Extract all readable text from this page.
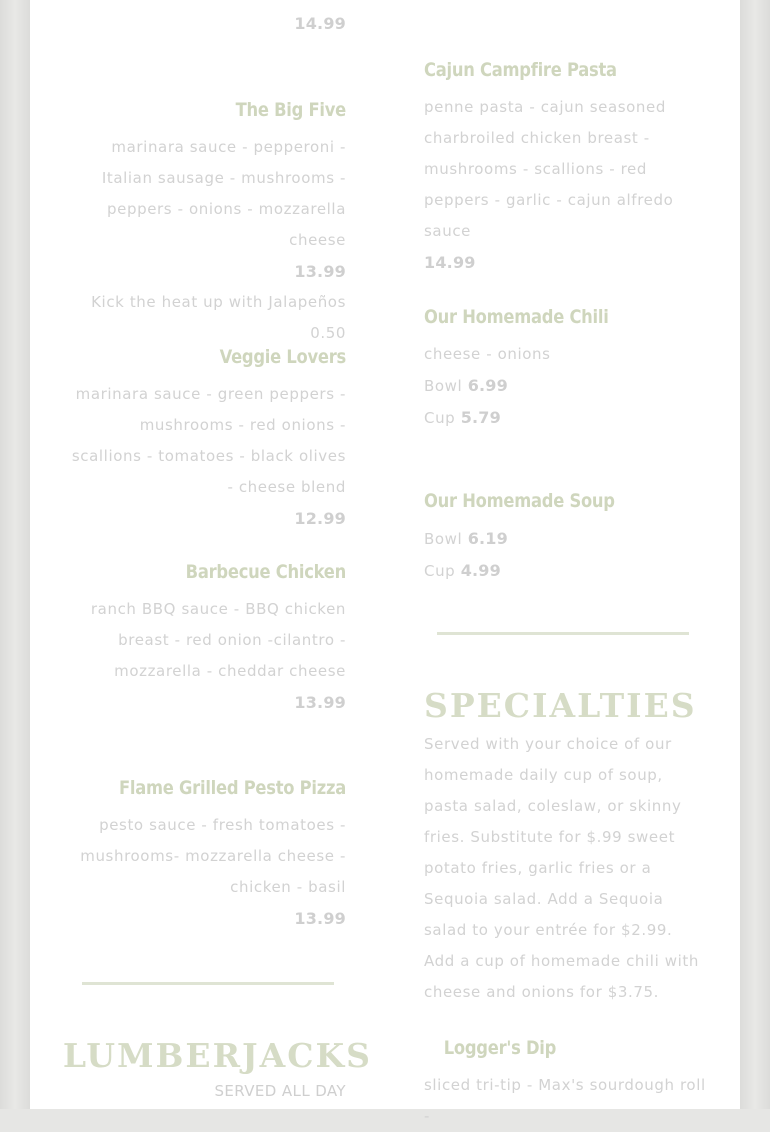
14.99
The Big Five

marinara sauce - pepperoni - Italian sausage - mushrooms - peppers - onions - mozzarella cheese

13.99
Kick the heat up with Jalapeños 0.50
Veggie Lovers

marinara sauce - green peppers - mushrooms - red onions - scallions - tomatoes - black olives - cheese blend

12.99
Barbecue Chicken

ranch BBQ sauce - BBQ chicken breast - red onion -cilantro - mozzarella - cheddar cheese

13.99
Flame Grilled Pesto Pizza

pesto sauce - fresh tomatoes - mushrooms- mozzarella cheese - chicken - basil

13.99
LUMBERJACKS
SERVED ALL DAY
Cajun Campfire Pasta

penne pasta - cajun seasoned charbroiled chicken breast - mushrooms - scallions - red peppers - garlic - cajun alfredo sauce

14.99
Our Homemade Chili

cheese - onions

Bowl 6.99
Cup 5.79
Our Homemade Soup
Bowl 6.19
Cup 4.99
SPECIALTIES

Served with your choice of our homemade daily cup of soup, pasta salad, coleslaw, or skinny fries. Substitute for $.99 sweet potato fries, garlic fries or a Sequoia salad. Add a Sequoia salad to your entrée for $2.99. Add a cup of homemade chili with cheese and onions for $3.75.

Logger's Dip

sliced tri-tip - Max's sourdough roll -
